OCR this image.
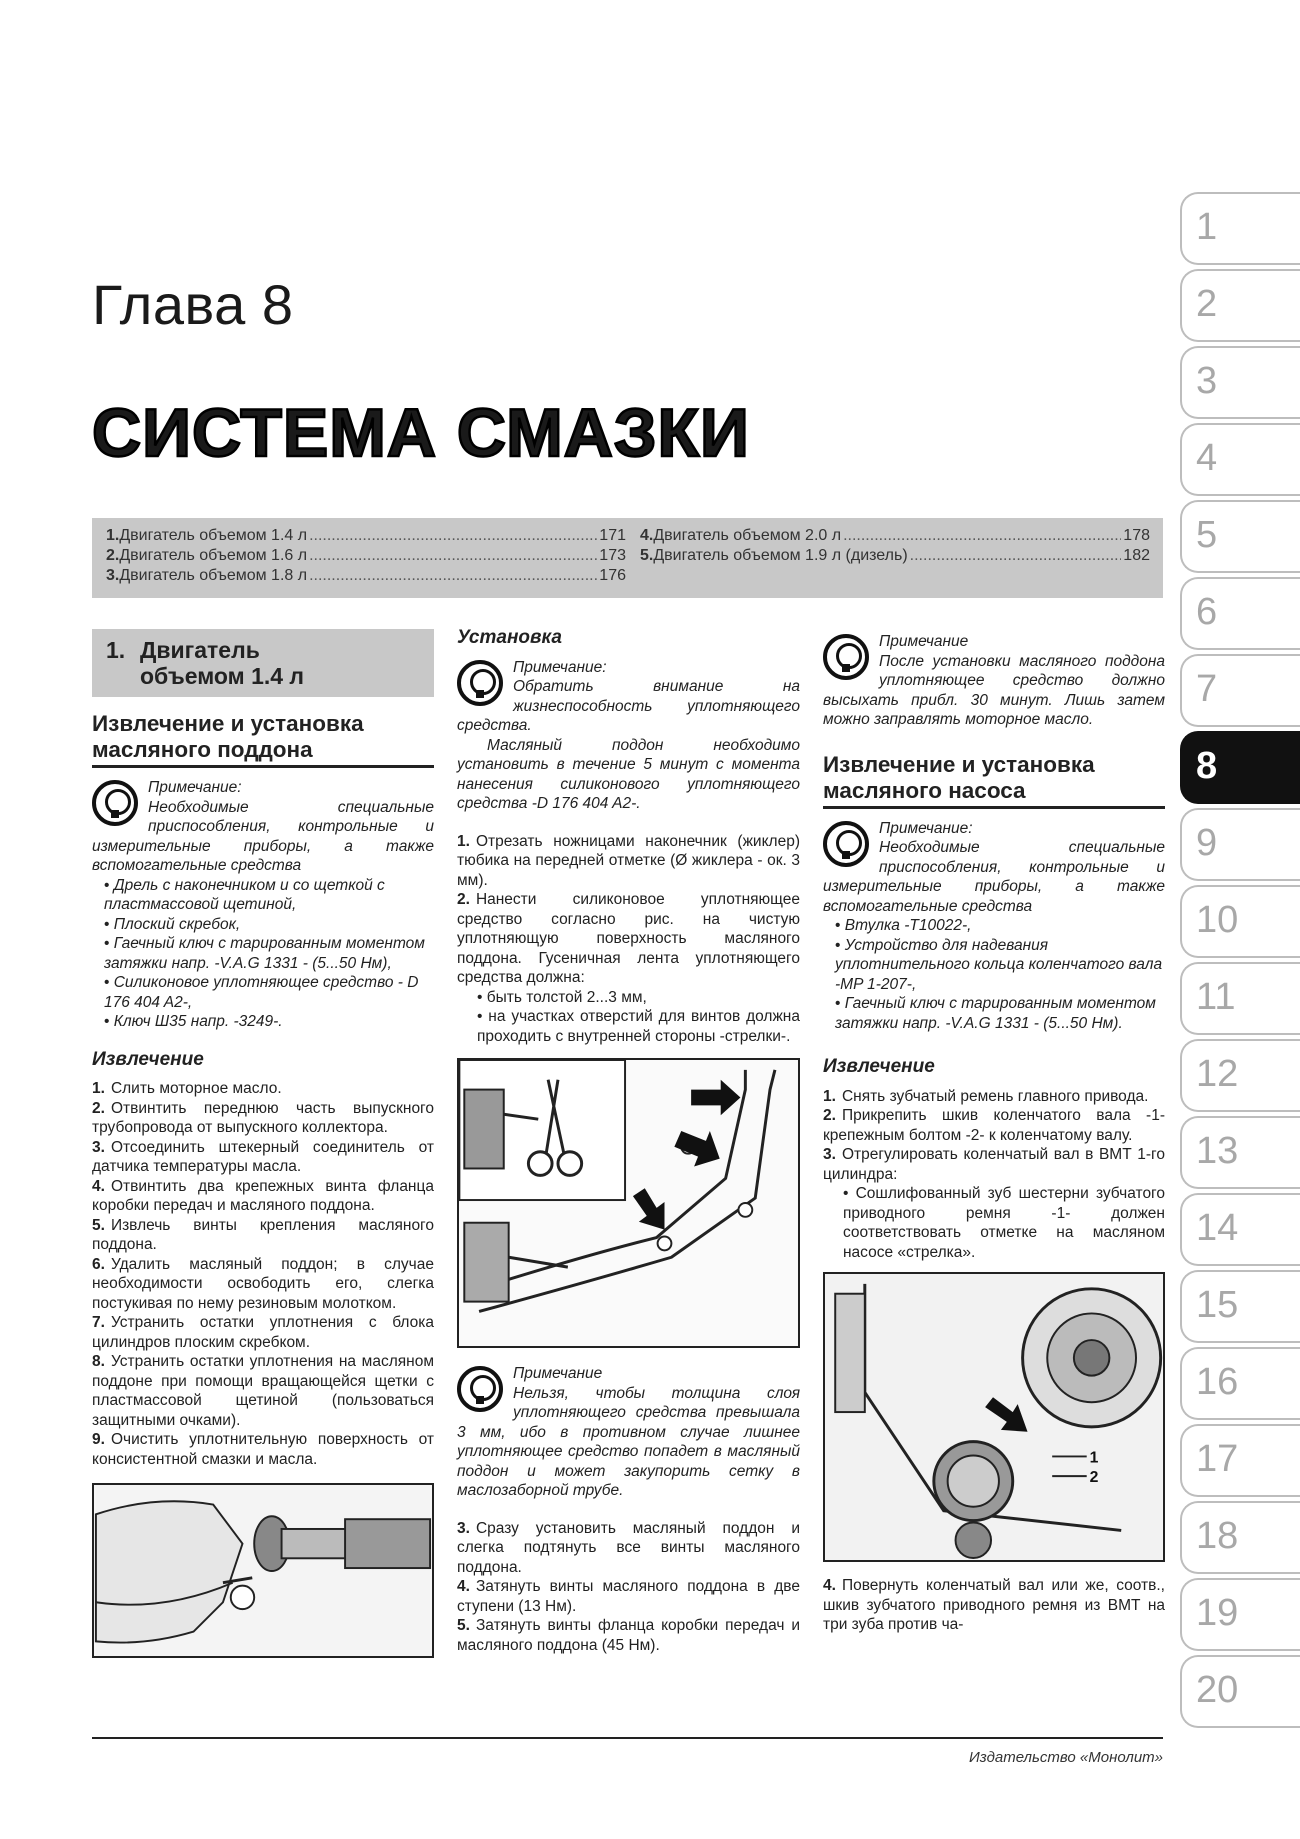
Глава 8
СИСТЕМА СМАЗКИ
1. Двигатель объемом 1.4 л .....	171
2. Двигатель объемом 1.6 л .....	173
3. Двигатель объемом 1.8 л .....	176
4. Двигатель объемом 2.0 л .....	178
5. Двигатель объемом 1.9 л (дизель) .....	182
1. Двигатель
объемом 1.4 л
Извлечение и установка масляного поддона
Примечание:

Необходимые специальные приспособления, контрольные и измерительные приборы, а также вспомогательные средства

• Дрель с наконечником и со щеткой с пластмассовой щетиной,
• Плоский скребок,
• Гаечный ключ с тарированным моментом затяжки напр. -V.A.G 1331 - (5...50 Нм),
• Силиконовое уплотняющее средство - D 176 404 A2-,
• Ключ Ш35 напр. -3249-.
Извлечение
1. Слить моторное масло.
2. Отвинтить переднюю часть выпускного трубопровода от выпускного коллектора.
3. Отсоединить штекерный соединитель от датчика температуры масла.
4. Отвинтить два крепежных винта фланца коробки передач и масляного поддона.
5. Извлечь винты крепления масляного поддона.
6. Удалить масляный поддон; в случае необходимости освободить его, слегка постукивая по нему резиновым молотком.
7. Устранить остатки уплотнения с блока цилиндров плоским скребком.
8. Устранить остатки уплотнения на масляном поддоне при помощи вращающейся щетки с пластмассовой щетиной (пользоваться защитными очками).
9. Очистить уплотнительную поверхность от консистентной смазки и масла.
Установка
Примечание:

Обратить внимание на жизнеспособность уплотняющего средства.

Масляный поддон необходимо установить в течение 5 минут с момента нанесения силиконового уплотняющего средства -D 176 404 A2-.

1. Отрезать ножницами наконечник (жиклер) тюбика на передней отметке (Ø жиклера - ок. 3 мм).
2. Нанести силиконовое уплотняющее средство согласно рис. на чистую уплотняющую поверхность масляного поддона. Гусеничная лента уплотняющего средства должна:
• быть толстой 2...3 мм,
• на участках отверстий для винтов должна проходить с внутренней стороны -стрелки-.
Примечание

Нельзя, чтобы толщина слоя уплотняющего средства превышала 3 мм, ибо в противном случае лишнее уплотняющее средство попадет в масляный поддон и может закупорить сетку в маслозаборной трубе.

3. Сразу установить масляный поддон и слегка подтянуть все винты масляного поддона.
4. Затянуть винты масляного поддона в две ступени (13 Нм).
5. Затянуть винты фланца коробки передач и масляного поддона (45 Нм).
Примечание

После установки масляного поддона уплотняющее средство должно высыхать прибл. 30 минут. Лишь затем можно заправлять моторное масло.

Извлечение и установка масляного насоса
Примечание:

Необходимые специальные приспособления, контрольные и измерительные приборы, а также вспомогательные средства

• Втулка -T10022-,
• Устройство для надевания уплотнительного кольца коленчатого вала -MP 1-207-,
• Гаечный ключ с тарированным моментом затяжки напр. -V.A.G 1331 - (5...50 Нм).
Извлечение
1. Снять зубчатый ремень главного привода.
2. Прикрепить шкив коленчатого вала -1- крепежным болтом -2- к коленчатому валу.
3. Отрегулировать коленчатый вал в ВМТ 1-го цилиндра:
• Сошлифованный зуб шестерни зубчатого приводного ремня -1- должен соответствовать отметке на масляном насосе «стрелка».
1
2
4. Повернуть коленчатый вал или же, соотв., шкив зубчатого приводного ремня из ВМТ на три зуба против ча-
1
2
3
4
5
6
7
8
9
10
11
12
13
14
15
16
17
18
19
20
Издательство «Монолит»
